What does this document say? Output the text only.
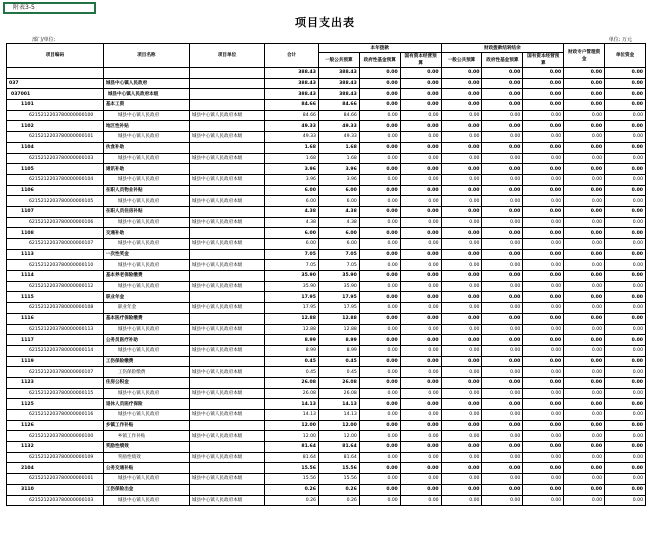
附表3-5
项目支出表
部门/单位:	单位: 万元
项目编码	项目名称	项目单位	合计	本年拨款			财政拨款结转结余			财政专户管理资金	单位资金
				一般公共预算	政府性基金预算	国有资本经营预算	一般公共预算	政府性基金预算	国有资本经营预算		
			388.43	388.43	0.00	0.00	0.00	0.00	0.00	0.00	0.00
037	城县中心镇人民政府		388.43	388.43	0.00	0.00	0.00	0.00	0.00	0.00	0.00
037001	城县中心镇人民政府本级		388.43	388.43	0.00	0.00	0.00	0.00	0.00	0.00	0.00
1101	基本工资		84.66	84.66	0.00	0.00	0.00	0.00	0.00	0.00	0.00
6215212203780000000100	城县中心镇人民政府	城县中心镇人民政府本级	84.66	84.66	0.00	0.00	0.00	0.00	0.00	0.00	0.00
1102	地区性补贴		49.33	49.33	0.00	0.00	0.00	0.00	0.00	0.00	0.00
6215212203780000000101	城县中心镇人民政府	城县中心镇人民政府本级	49.33	49.33	0.00	0.00	0.00	0.00	0.00	0.00	0.00
1104	伙食补助		1.68	1.68	0.00	0.00	0.00	0.00	0.00	0.00	0.00
6215212203780000000103	城县中心镇人民政府	城县中心镇人民政府本级	1.68	1.68	0.00	0.00	0.00	0.00	0.00	0.00	0.00
1105	通讯补助		3.96	3.96	0.00	0.00	0.00	0.00	0.00	0.00	0.00
6215212203780000000104	城县中心镇人民政府	城县中心镇人民政府本级	3.96	3.96	0.00	0.00	0.00	0.00	0.00	0.00	0.00
1106	在职人员物业补贴		6.00	6.00	0.00	0.00	0.00	0.00	0.00	0.00	0.00
6215212203780000000105	城县中心镇人民政府	城县中心镇人民政府本级	6.00	6.00	0.00	0.00	0.00	0.00	0.00	0.00	0.00
1107	在职人员住房补贴		4.38	4.38	0.00	0.00	0.00	0.00	0.00	0.00	0.00
6215212203780000000106	城县中心镇人民政府	城县中心镇人民政府本级	4.38	4.38	0.00	0.00	0.00	0.00	0.00	0.00	0.00
1108	交通补助		6.00	6.00	0.00	0.00	0.00	0.00	0.00	0.00	0.00
6215212203780000000107	城县中心镇人民政府	城县中心镇人民政府本级	6.00	6.00	0.00	0.00	0.00	0.00	0.00	0.00	0.00
1113	一次性奖金		7.05	7.05	0.00	0.00	0.00	0.00	0.00	0.00	0.00
6215212203780000000110	城县中心镇人民政府	城县中心镇人民政府本级	7.05	7.05	0.00	0.00	0.00	0.00	0.00	0.00	0.00
1114	基本养老保险缴费		35.90	35.90	0.00	0.00	0.00	0.00	0.00	0.00	0.00
6215212203780000000112	城县中心镇人民政府	城县中心镇人民政府本级	35.90	35.90	0.00	0.00	0.00	0.00	0.00	0.00	0.00
1115	职业年金		17.95	17.95	0.00	0.00	0.00	0.00	0.00	0.00	0.00
6215212203780000000108	职业年金	城县中心镇人民政府本级	17.95	17.95	0.00	0.00	0.00	0.00	0.00	0.00	0.00
1116	基本医疗保险缴费		12.88	12.88	0.00	0.00	0.00	0.00	0.00	0.00	0.00
6215212203780000000113	城县中心镇人民政府	城县中心镇人民政府本级	12.88	12.88	0.00	0.00	0.00	0.00	0.00	0.00	0.00
1117	公务员医疗补助		8.99	8.99	0.00	0.00	0.00	0.00	0.00	0.00	0.00
6215212203780000000114	城县中心镇人民政府	城县中心镇人民政府本级	8.99	8.99	0.00	0.00	0.00	0.00	0.00	0.00	0.00
1119	工伤保险缴费		0.45	0.45	0.00	0.00	0.00	0.00	0.00	0.00	0.00
6215212203780000000107	工伤保险缴费	城县中心镇人民政府本级	0.45	0.45	0.00	0.00	0.00	0.00	0.00	0.00	0.00
1123	住房公积金		26.08	26.08	0.00	0.00	0.00	0.00	0.00	0.00	0.00
6215212203780000000115	城县中心镇人民政府	城县中心镇人民政府本级	26.08	26.08	0.00	0.00	0.00	0.00	0.00	0.00	0.00
1125	退休人员医疗保险		14.13	14.13	0.00	0.00	0.00	0.00	0.00	0.00	0.00
6215212203780000000116	城县中心镇人民政府	城县中心镇人民政府本级	14.13	14.13	0.00	0.00	0.00	0.00	0.00	0.00	0.00
1126	乡镇工作补贴		12.00	12.00	0.00	0.00	0.00	0.00	0.00	0.00	0.00
6215212203780000000100	乡镇工作补贴	城县中心镇人民政府本级	12.00	12.00	0.00	0.00	0.00	0.00	0.00	0.00	0.00
1132	奖励性绩效		81.64	81.64	0.00	0.00	0.00	0.00	0.00	0.00	0.00
6215212203780000000109	奖励性绩效	城县中心镇人民政府本级	81.64	81.64	0.00	0.00	0.00	0.00	0.00	0.00	0.00
2104	公务交通补贴		15.56	15.56	0.00	0.00	0.00	0.00	0.00	0.00	0.00
6215212203780000000101	城县中心镇人民政府	城县中心镇人民政府本级	15.56	15.56	0.00	0.00	0.00	0.00	0.00	0.00	0.00
3110	工伤保险出金		0.26	0.26	0.00	0.00	0.00	0.00	0.00	0.00	0.00
6215212203780000000103	城县中心镇人民政府	城县中心镇人民政府本级	0.26	0.26	0.00	0.00	0.00	0.00	0.00	0.00	0.00
